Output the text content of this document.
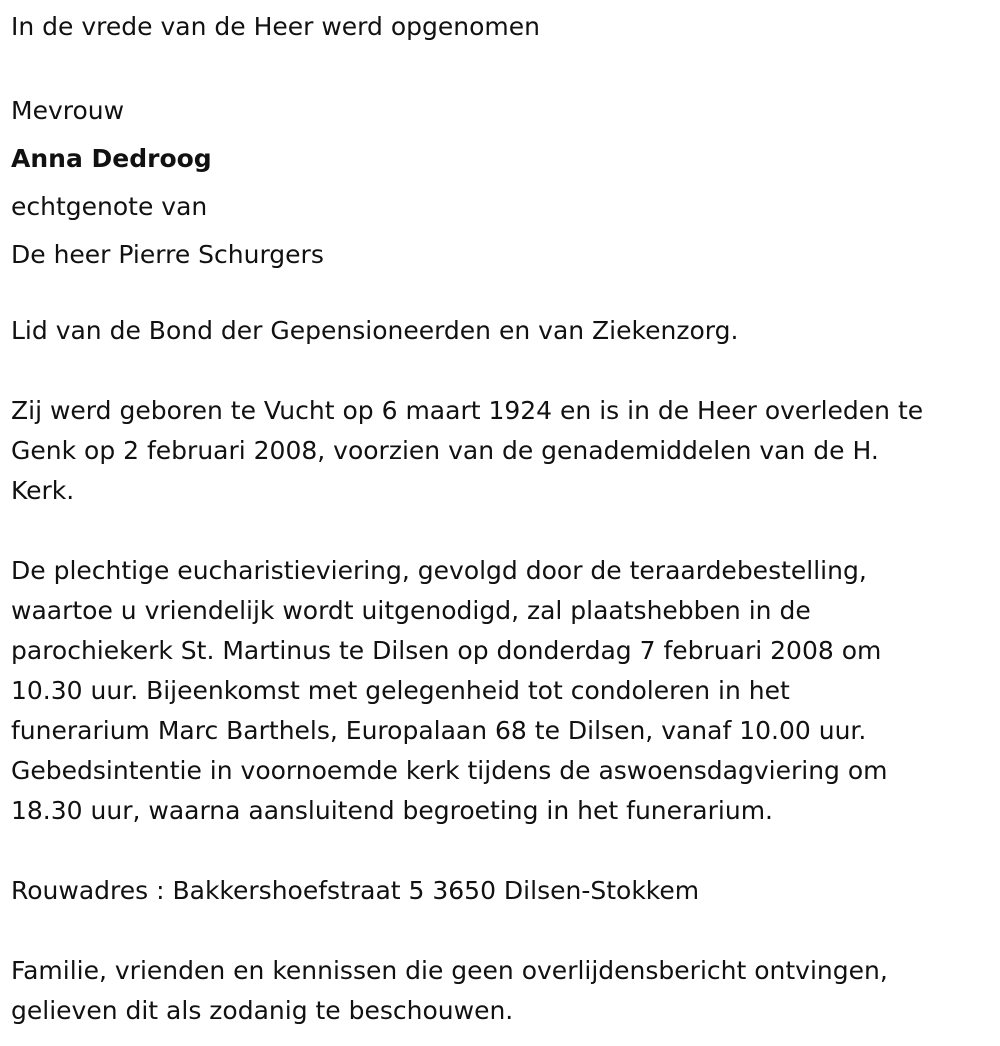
In de vrede van de Heer werd opgenomen

Mevrouw

Anna Dedroog

echtgenote van

De heer Pierre Schurgers

Lid van de Bond der Gepensioneerden en van Ziekenzorg.

Zij werd geboren te Vucht op 6 maart 1924 en is in de Heer overleden te

Genk op 2 februari 2008, voorzien van de genademiddelen van de H.

Kerk.

De plechtige eucharistieviering, gevolgd door de teraardebestelling,

waartoe u vriendelijk wordt uitgenodigd, zal plaatshebben in de

parochiekerk St. Martinus te Dilsen op donderdag 7 februari 2008 om

10.30 uur. Bijeenkomst met gelegenheid tot condoleren in het

funerarium Marc Barthels, Europalaan 68 te Dilsen, vanaf 10.00 uur.

Gebedsintentie in voornoemde kerk tijdens de aswoensdagviering om

18.30 uur, waarna aansluitend begroeting in het funerarium.

Rouwadres : Bakkershoefstraat 5 3650 Dilsen-Stokkem

Familie, vrienden en kennissen die geen overlijdensbericht ontvingen,

gelieven dit als zodanig te beschouwen.
